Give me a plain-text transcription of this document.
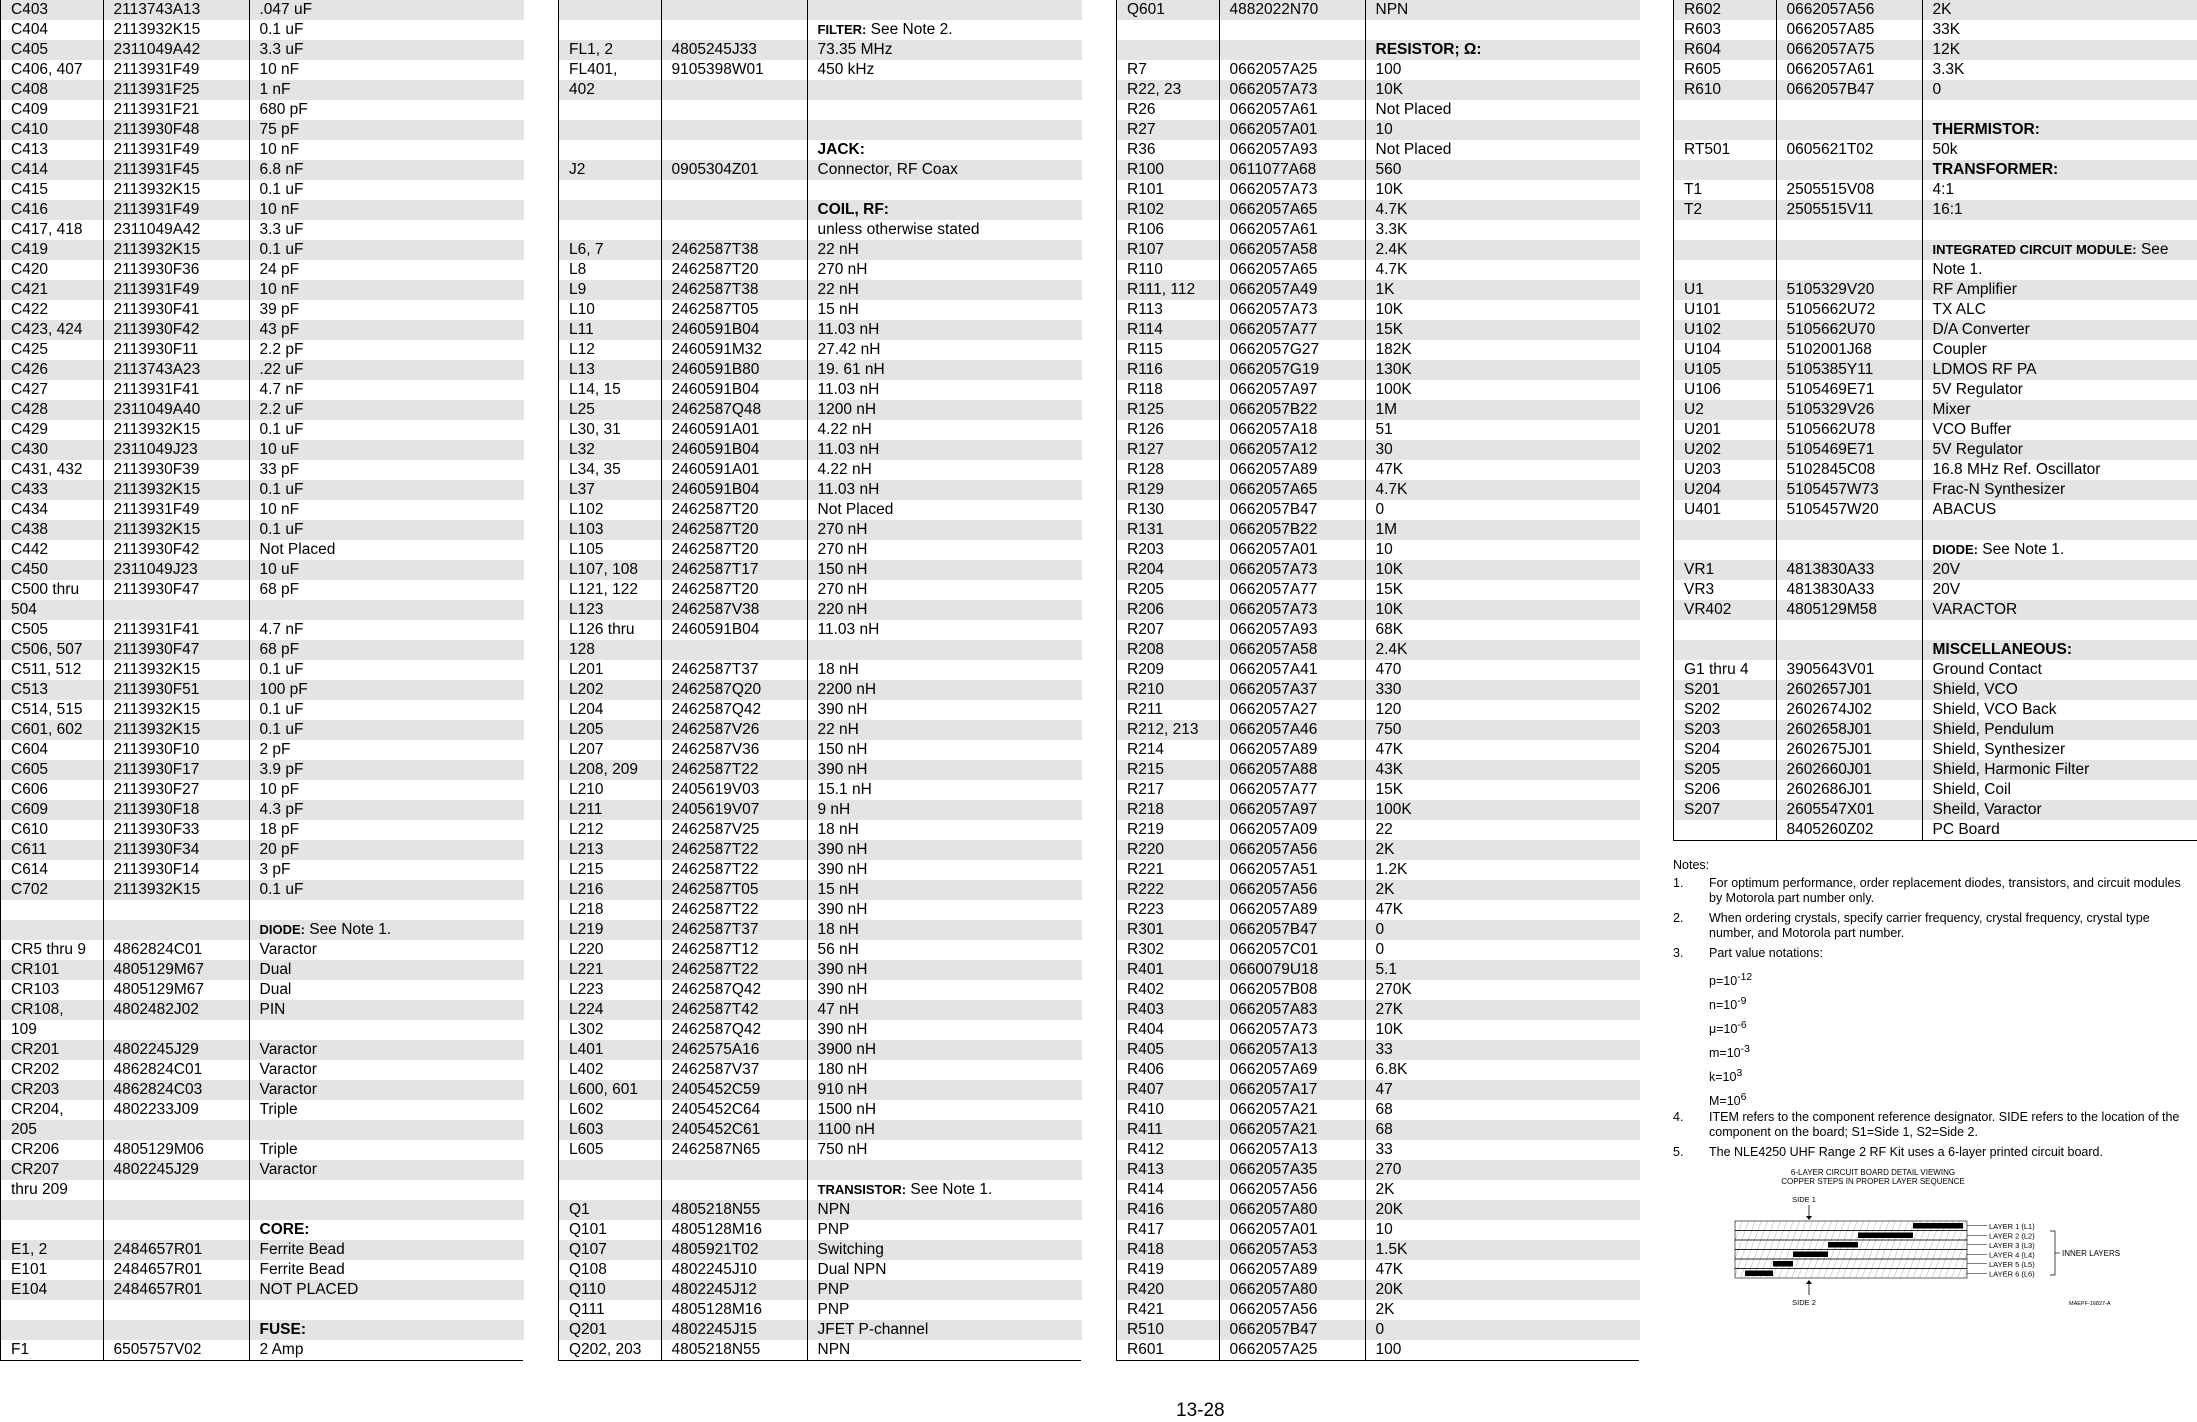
C403	2113743A13	.047 uF
C404	2113932K15	0.1 uF
C405	2311049A42	3.3 uF
C406, 407	2113931F49	10 nF
C408	2113931F25	1 nF
C409	2113931F21	680 pF
C410	2113930F48	75 pF
C413	2113931F49	10 nF
C414	2113931F45	6.8 nF
C415	2113932K15	0.1 uF
C416	2113931F49	10 nF
C417, 418	2311049A42	3.3 uF
C419	2113932K15	0.1 uF
C420	2113930F36	24 pF
C421	2113931F49	10 nF
C422	2113930F41	39 pF
C423, 424	2113930F42	43 pF
C425	2113930F11	2.2 pF
C426	2113743A23	.22 uF
C427	2113931F41	4.7 nF
C428	2311049A40	2.2 uF
C429	2113932K15	0.1 uF
C430	2311049J23	10 uF
C431, 432	2113930F39	33 pF
C433	2113932K15	0.1 uF
C434	2113931F49	10 nF
C438	2113932K15	0.1 uF
C442	2113930F42	Not Placed
C450	2311049J23	10 uF
C500 thru	2113930F47	68 pF
504		
C505	2113931F41	4.7 nF
C506, 507	2113930F47	68 pF
C511, 512	2113932K15	0.1 uF
C513	2113930F51	100 pF
C514, 515	2113932K15	0.1 uF
C601, 602	2113932K15	0.1 uF
C604	2113930F10	2 pF
C605	2113930F17	3.9 pF
C606	2113930F27	10 pF
C609	2113930F18	4.3 pF
C610	2113930F33	18 pF
C611	2113930F34	20 pF
C614	2113930F14	3 pF
C702	2113932K15	0.1 uF

		DIODE: See Note 1.
CR5 thru 9	4862824C01	Varactor
CR101	4805129M67	Dual
CR103	4805129M67	Dual
CR108,	4802482J02	PIN
109		
CR201	4802245J29	Varactor
CR202	4862824C01	Varactor
CR203	4862824C03	Varactor
CR204,	4802233J09	Triple
205		
CR206	4805129M06	Triple
CR207	4802245J29	Varactor
thru 209		

		CORE:
E1, 2	2484657R01	Ferrite Bead
E101	2484657R01	Ferrite Bead
E104	2484657R01	NOT PLACED

		FUSE:
F1	6505757V02	2 Amp

		FILTER: See Note 2.
FL1, 2	4805245J33	73.35 MHz
FL401,	9105398W01	450 kHz
402		

		JACK:
J2	0905304Z01	Connector, RF Coax

		COIL, RF:
		unless otherwise stated
L6, 7	2462587T38	22 nH
L8	2462587T20	270 nH
L9	2462587T38	22 nH
L10	2462587T05	15 nH
L11	2460591B04	11.03 nH
L12	2460591M32	27.42 nH
L13	2460591B80	19. 61 nH
L14, 15	2460591B04	11.03 nH
L25	2462587Q48	1200 nH
L30, 31	2460591A01	4.22 nH
L32	2460591B04	11.03 nH
L34, 35	2460591A01	4.22 nH
L37	2460591B04	11.03 nH
L102	2462587T20	Not Placed
L103	2462587T20	270 nH
L105	2462587T20	270 nH
L107, 108	2462587T17	150 nH
L121, 122	2462587T20	270 nH
L123	2462587V38	220 nH
L126 thru	2460591B04	11.03 nH
128		
L201	2462587T37	18 nH
L202	2462587Q20	2200 nH
L204	2462587Q42	390 nH
L205	2462587V26	22 nH
L207	2462587V36	150 nH
L208, 209	2462587T22	390 nH
L210	2405619V03	15.1 nH
L211	2405619V07	9 nH
L212	2462587V25	18 nH
L213	2462587T22	390 nH
L215	2462587T22	390 nH
L216	2462587T05	15 nH
L218	2462587T22	390 nH
L219	2462587T37	18 nH
L220	2462587T12	56 nH
L221	2462587T22	390 nH
L223	2462587Q42	390 nH
L224	2462587T42	47 nH
L302	2462587Q42	390 nH
L401	2462575A16	3900 nH
L402	2462587V37	180 nH
L600, 601	2405452C59	910 nH
L602	2405452C64	1500 nH
L603	2405452C61	1100 nH
L605	2462587N65	750 nH

		TRANSISTOR: See Note 1.
Q1	4805218N55	NPN
Q101	4805128M16	PNP
Q107	4805921T02	Switching
Q108	4802245J10	Dual NPN
Q110	4802245J12	PNP
Q111	4805128M16	PNP
Q201	4802245J15	JFET P-channel
Q202, 203	4805218N55	NPN
Q601	4882022N70	NPN

		RESISTOR; Ω:
R7	0662057A25	100
R22, 23	0662057A73	10K
R26	0662057A61	Not Placed
R27	0662057A01	10
R36	0662057A93	Not Placed
R100	0611077A68	560
R101	0662057A73	10K
R102	0662057A65	4.7K
R106	0662057A61	3.3K
R107	0662057A58	2.4K
R110	0662057A65	4.7K
R111, 112	0662057A49	1K
R113	0662057A73	10K
R114	0662057A77	15K
R115	0662057G27	182K
R116	0662057G19	130K
R118	0662057A97	100K
R125	0662057B22	1M
R126	0662057A18	51
R127	0662057A12	30
R128	0662057A89	47K
R129	0662057A65	4.7K
R130	0662057B47	0
R131	0662057B22	1M
R203	0662057A01	10
R204	0662057A73	10K
R205	0662057A77	15K
R206	0662057A73	10K
R207	0662057A93	68K
R208	0662057A58	2.4K
R209	0662057A41	470
R210	0662057A37	330
R211	0662057A27	120
R212, 213	0662057A46	750
R214	0662057A89	47K
R215	0662057A88	43K
R217	0662057A77	15K
R218	0662057A97	100K
R219	0662057A09	22
R220	0662057A56	2K
R221	0662057A51	1.2K
R222	0662057A56	2K
R223	0662057A89	47K
R301	0662057B47	0
R302	0662057C01	0
R401	0660079U18	5.1
R402	0662057B08	270K
R403	0662057A83	27K
R404	0662057A73	10K
R405	0662057A13	33
R406	0662057A69	6.8K
R407	0662057A17	47
R410	0662057A21	68
R411	0662057A21	68
R412	0662057A13	33
R413	0662057A35	270
R414	0662057A56	2K
R416	0662057A80	20K
R417	0662057A01	10
R418	0662057A53	1.5K
R419	0662057A89	47K
R420	0662057A80	20K
R421	0662057A56	2K
R510	0662057B47	0
R601	0662057A25	100
R602	0662057A56	2K
R603	0662057A85	33K
R604	0662057A75	12K
R605	0662057A61	3.3K
R610	0662057B47	0

		THERMISTOR:
RT501	0605621T02	50k
		TRANSFORMER:
T1	2505515V08	4:1
T2	2505515V11	16:1

		INTEGRATED CIRCUIT MODULE: See
		Note 1.
U1	5105329V20	RF Amplifier
U101	5105662U72	TX ALC
U102	5105662U70	D/A Converter
U104	5102001J68	Coupler
U105	5105385Y11	LDMOS RF PA
U106	5105469E71	5V Regulator
U2	5105329V26	Mixer
U201	5105662U78	VCO Buffer
U202	5105469E71	5V Regulator
U203	5102845C08	16.8 MHz Ref. Oscillator
U204	5105457W73	Frac-N Synthesizer
U401	5105457W20	ABACUS

		DIODE: See Note 1.
VR1	4813830A33	20V
VR3	4813830A33	20V
VR402	4805129M58	VARACTOR

		MISCELLANEOUS:
G1 thru 4	3905643V01	Ground Contact
S201	2602657J01	Shield, VCO
S202	2602674J02	Shield, VCO Back
S203	2602658J01	Shield, Pendulum
S204	2602675J01	Shield, Synthesizer
S205	2602660J01	Shield, Harmonic Filter
S206	2602686J01	Shield, Coil
S207	2605547X01	Sheild, Varactor
	8405260Z02	PC Board
Notes:
1. For optimum performance, order replacement diodes, transistors, and circuit modules by Motorola part number only.
2. When ordering crystals, specify carrier frequency, crystal frequency, crystal type number, and Motorola part number.
3. Part value notations:
$p=10^{-12}$
$n=10^{-9}$
$\mu=10^{-6}$
$m=10^{-3}$
$k=10^3$
$M=10^6$
4. ITEM refers to the component reference designator. SIDE refers to the location of the component on the board; S1=Side 1, S2=Side 2.
5. The NLE4250 UHF Range 2 RF Kit uses a 6-layer printed circuit board.
6-LAYER CIRCUIT BOARD DETAIL VIEWING
COPPER STEPS IN PROPER LAYER SEQUENCE
SIDE 1
LAYER 1 (L1)
LAYER 2 (L2)
LAYER 3 (L3)
LAYER 4 (L4)
LAYER 5 (L5)
LAYER 6 (L6)
INNER LAYERS
SIDE 2	MAEPF-16827-A
13-28
